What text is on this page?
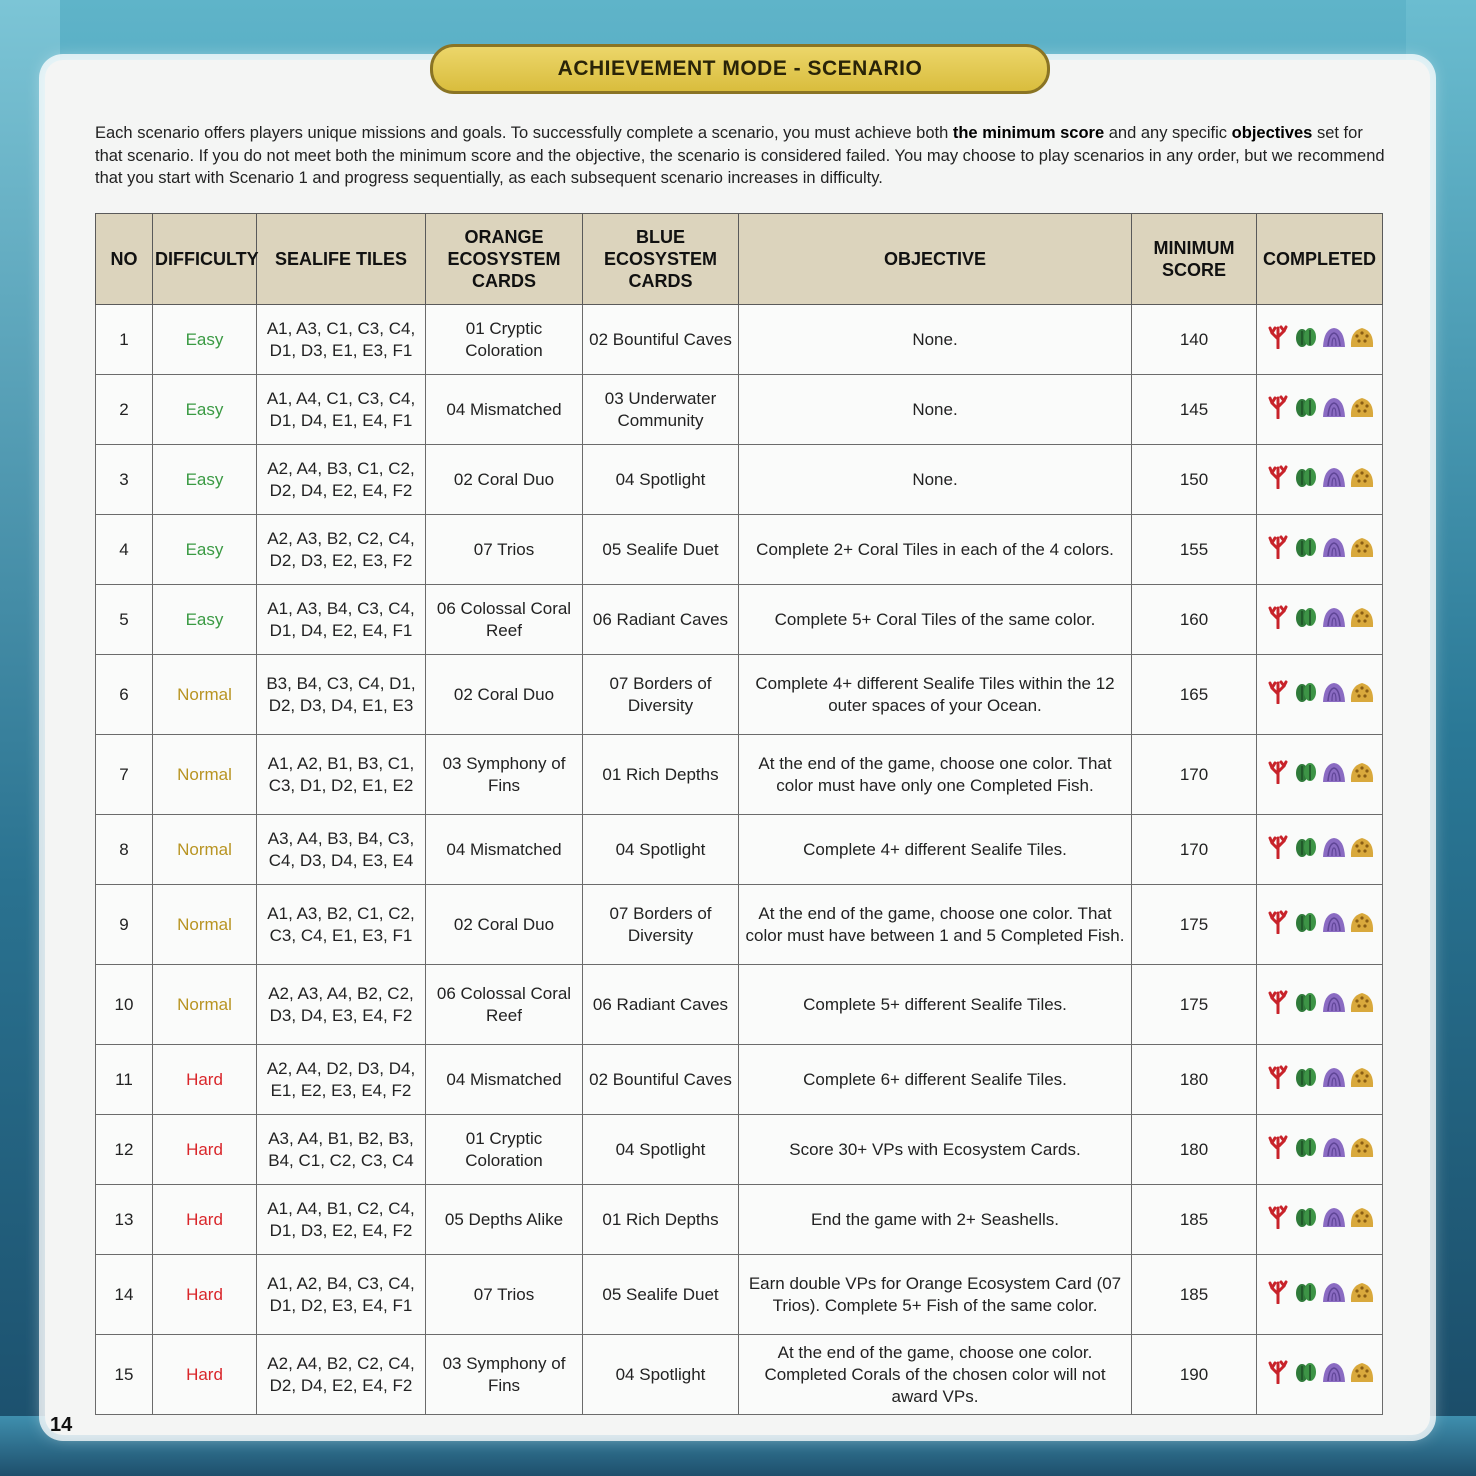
ACHIEVEMENT MODE - SCENARIO

Each scenario offers players unique missions and goals. To successfully complete a scenario, you must achieve both the minimum score and any specific objectives set for that scenario. If you do not meet both the minimum score and the objective, the scenario is considered failed. You may choose to play scenarios in any order, but we recommend that you start with Scenario 1 and progress sequentially, as each subsequent scenario increases in difficulty.

NO	DIFFICULTY	SEALIFE TILES	ORANGE ECOSYSTEM CARDS	BLUE ECOSYSTEM CARDS	OBJECTIVE	MINIMUM SCORE	COMPLETED
1	Easy	A1, A3, C1, C3, C4, D1, D3, E1, E3, F1	01 Cryptic Coloration	02 Bountiful Caves	None.	140	

2	Easy	A1, A4, C1, C3, C4, D1, D4, E1, E4, F1	04 Mismatched	03 Underwater Community	None.	145	

3	Easy	A2, A4, B3, C1, C2, D2, D4, E2, E4, F2	02 Coral Duo	04 Spotlight	None.	150	

4	Easy	A2, A3, B2, C2, C4, D2, D3, E2, E3, F2	07 Trios	05 Sealife Duet	Complete 2+ Coral Tiles in each of the 4 colors.	155	

5	Easy	A1, A3, B4, C3, C4, D1, D4, E2, E4, F1	06 Colossal Coral Reef	06 Radiant Caves	Complete 5+ Coral Tiles of the same color.	160	

6	Normal	B3, B4, C3, C4, D1, D2, D3, D4, E1, E3	02 Coral Duo	07 Borders of Diversity	Complete 4+ different Sealife Tiles within the 12 outer spaces of your Ocean.	165	

7	Normal	A1, A2, B1, B3, C1, C3, D1, D2, E1, E2	03 Symphony of Fins	01 Rich Depths	At the end of the game, choose one color. That color must have only one Completed Fish.	170	

8	Normal	A3, A4, B3, B4, C3, C4, D3, D4, E3, E4	04 Mismatched	04 Spotlight	Complete 4+ different Sealife Tiles.	170	

9	Normal	A1, A3, B2, C1, C2, C3, C4, E1, E3, F1	02 Coral Duo	07 Borders of Diversity	At the end of the game, choose one color. That color must have between 1 and 5 Completed Fish.	175	

10	Normal	A2, A3, A4, B2, C2, D3, D4, E3, E4, F2	06 Colossal Coral Reef	06 Radiant Caves	Complete 5+ different Sealife Tiles.	175	

11	Hard	A2, A4, D2, D3, D4, E1, E2, E3, E4, F2	04 Mismatched	02 Bountiful Caves	Complete 6+ different Sealife Tiles.	180	

12	Hard	A3, A4, B1, B2, B3, B4, C1, C2, C3, C4	01 Cryptic Coloration	04 Spotlight	Score 30+ VPs with Ecosystem Cards.	180	

13	Hard	A1, A4, B1, C2, C4, D1, D3, E2, E4, F2	05 Depths Alike	01 Rich Depths	End the game with 2+ Seashells.	185	

14	Hard	A1, A2, B4, C3, C4, D1, D2, E3, E4, F1	07 Trios	05 Sealife Duet	Earn double VPs for Orange Ecosystem Card (07 Trios). Complete 5+ Fish of the same color.	185	

15	Hard	A2, A4, B2, C2, C4, D2, D4, E2, E4, F2	03 Symphony of Fins	04 Spotlight	At the end of the game, choose one color. Completed Corals of the chosen color will not award VPs.	190	
14
